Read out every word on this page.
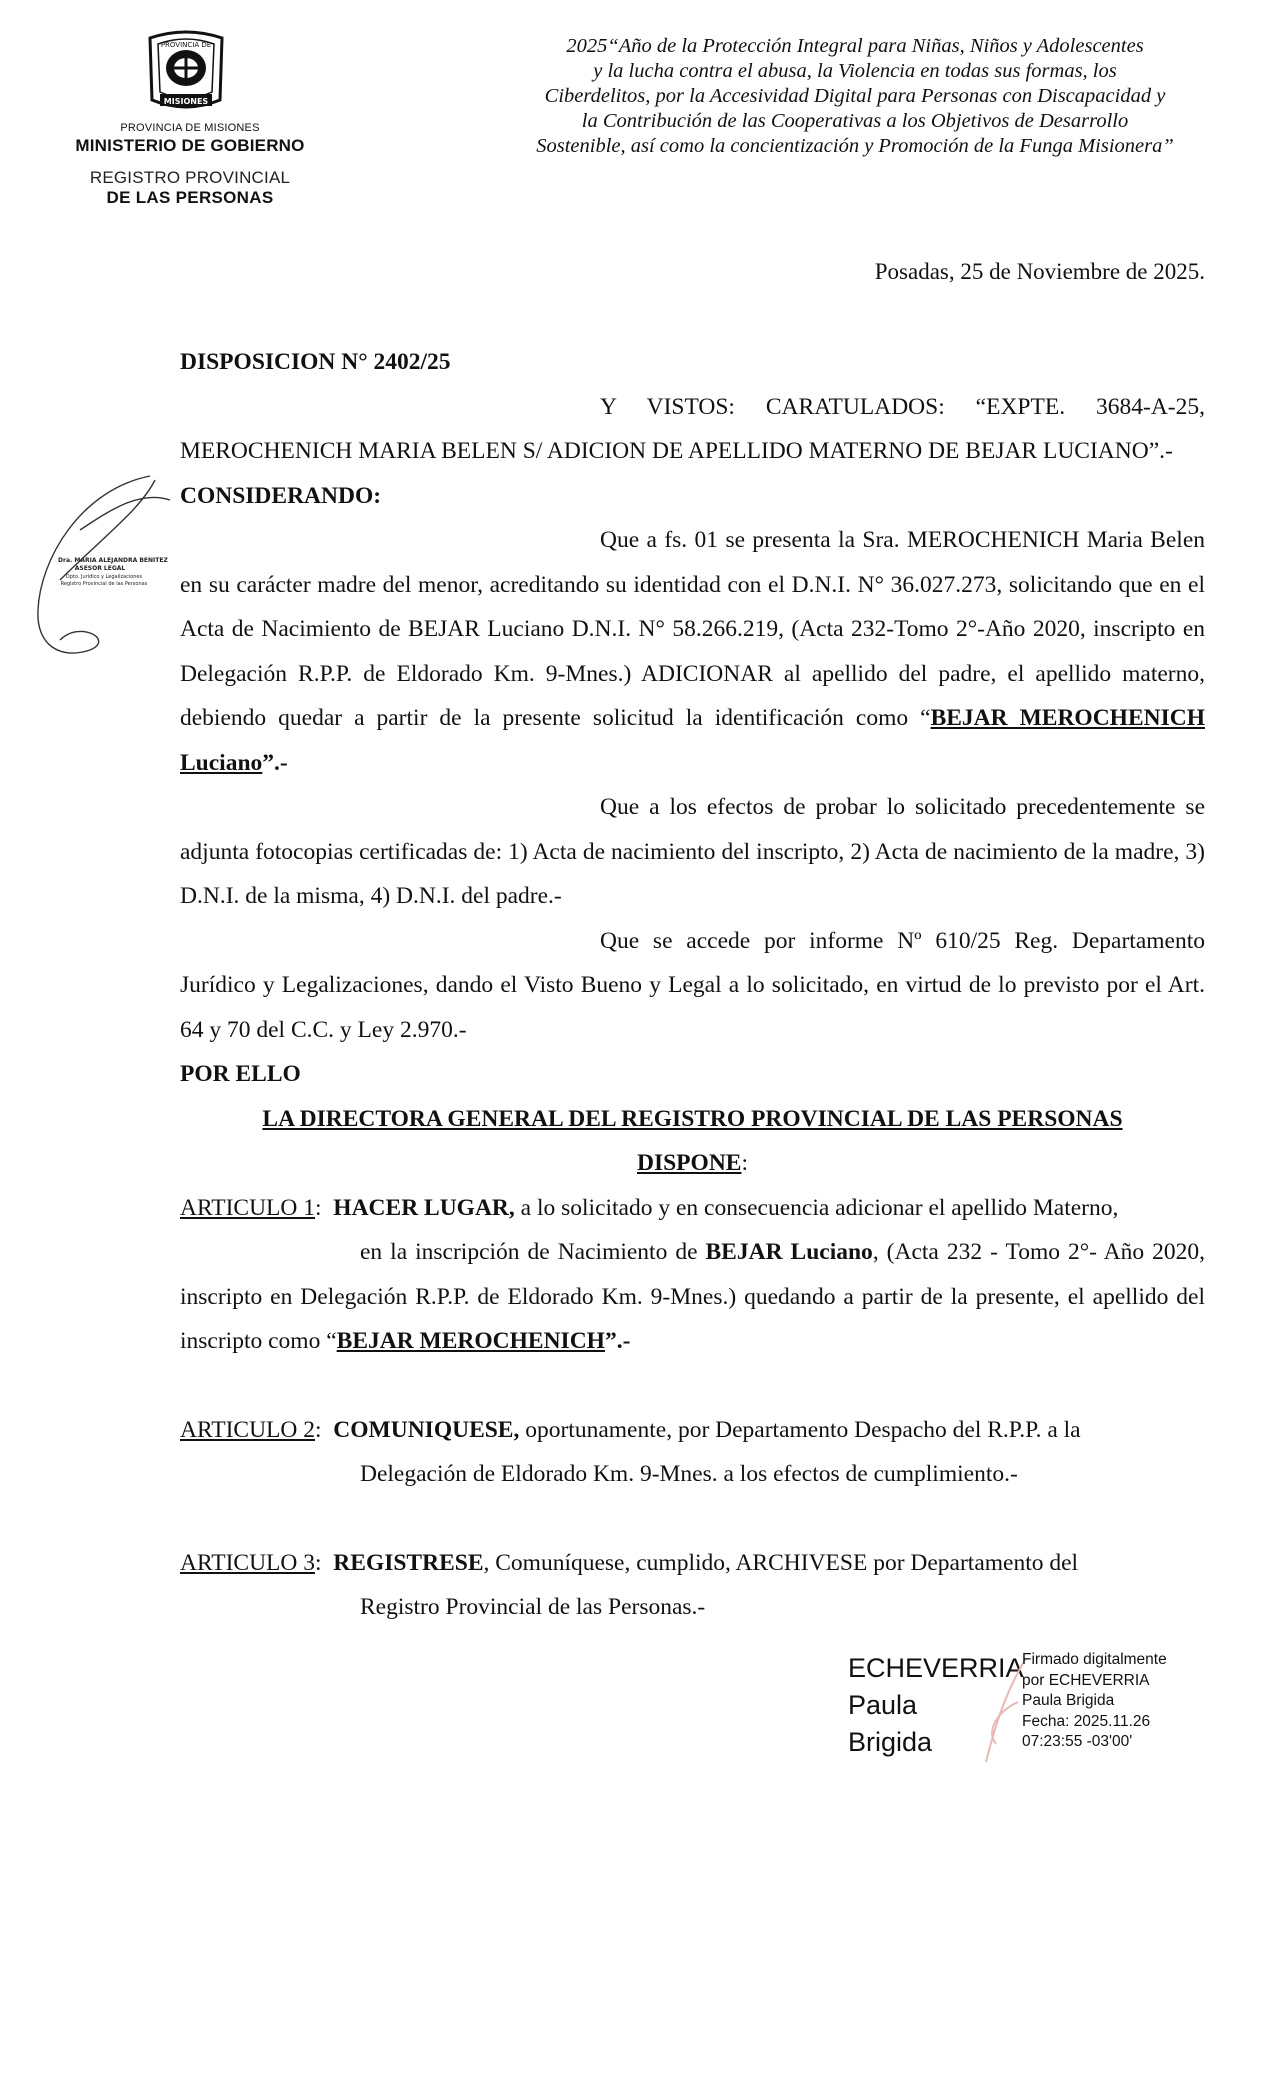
PROVINCIA DE
MISIONES
PROVINCIA DE MISIONES
MINISTERIO DE GOBIERNO
REGISTRO PROVINCIAL
DE LAS PERSONAS
2025“Año de la Protección Integral para Niñas, Niños y Adolescentes
y la lucha contra el abusa, la Violencia en todas sus formas, los
Ciberdelitos, por la Accesividad Digital para Personas con Discapacidad y
la Contribución de las Cooperativas a los Objetivos de Desarrollo
Sostenible, así como la concientización y Promoción de la Funga Misionera”
Posadas, 25 de Noviembre de 2025.
Dra. MARIA ALEJANDRA BENITEZ
ASESOR LEGAL
Dpto. Jurídico y Legalizaciones
Registro Provincial de las Personas

DISPOSICION N° 2402/25

Y VISTOS: CARATULADOS: “EXPTE. 3684-A-25, MEROCHENICH MARIA BELEN S/ ADICION DE APELLIDO MATERNO DE BEJAR LUCIANO”.-

CONSIDERANDO:

Que a fs. 01 se presenta la Sra. MEROCHENICH Maria Belen en su carácter madre del menor, acreditando su identidad con el D.N.I. N° 36.027.273, solicitando que en el Acta de Nacimiento de BEJAR Luciano D.N.I. N° 58.266.219, (Acta 232-Tomo 2°-Año 2020, inscripto en Delegación R.P.P. de Eldorado Km. 9-Mnes.) ADICIONAR al apellido del padre, el apellido materno, debiendo quedar a partir de la presente solicitud la identificación como “BEJAR MEROCHENICH Luciano”.-

Que a los efectos de probar lo solicitado precedentemente se adjunta fotocopias certificadas de: 1) Acta de nacimiento del inscripto, 2) Acta de nacimiento de la madre, 3) D.N.I. de la misma, 4) D.N.I. del padre.-

Que se accede por informe Nº 610/25 Reg. Departamento Jurídico y Legalizaciones, dando el Visto Bueno y Legal a lo solicitado, en virtud de lo previsto por el Art. 64 y 70 del C.C. y Ley 2.970.-

POR ELLO

LA DIRECTORA GENERAL DEL REGISTRO PROVINCIAL DE LAS PERSONAS

DISPONE:

ARTICULO 1: HACER LUGAR, a lo solicitado y en consecuencia adicionar el apellido Materno,

en la inscripción de Nacimiento de BEJAR Luciano, (Acta 232 - Tomo 2°- Año 2020, inscripto en Delegación R.P.P. de Eldorado Km. 9-Mnes.) quedando a partir de la presente, el apellido del inscripto como “BEJAR MEROCHENICH”.-

ARTICULO 2: COMUNIQUESE, oportunamente, por Departamento Despacho del R.P.P. a la

Delegación de Eldorado Km. 9-Mnes. a los efectos de cumplimiento.-

ARTICULO 3: REGISTRESE, Comuníquese, cumplido, ARCHIVESE por Departamento del

Registro Provincial de las Personas.-

ECHEVERRIA
Paula
Brigida
Firmado digitalmente
por ECHEVERRIA
Paula Brigida
Fecha: 2025.11.26
07:23:55 -03'00'
